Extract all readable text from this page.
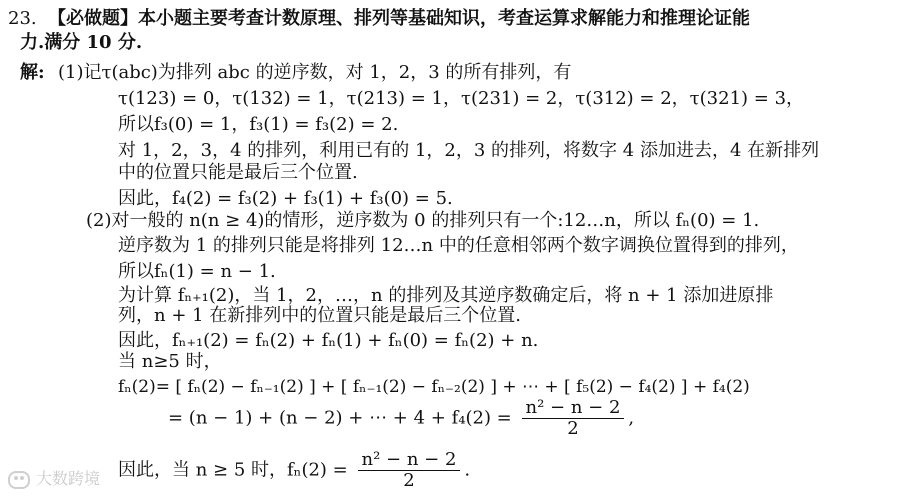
23. 【必做题】本小题主要考查计数原理、排列等基础知识，考查运算求解能力和推理论证能
力.满分 10 分.
解: (1)记τ(abc)为排列 abc 的逆序数，对 1，2，3 的所有排列，有
τ(123) = 0，τ(132) = 1，τ(213) = 1，τ(231) = 2，τ(312) = 2，τ(321) = 3，
所以f₃(0) = 1，f₃(1) = f₃(2) = 2.
对 1，2，3，4 的排列，利用已有的 1，2，3 的排列，将数字 4 添加进去，4 在新排列
中的位置只能是最后三个位置.
因此，f₄(2) = f₃(2) + f₃(1) + f₃(0) = 5.
(2)对一般的 n(n ≥ 4)的情形，逆序数为 0 的排列只有一个:12…n，所以 fₙ(0) = 1.
逆序数为 1 的排列只能是将排列 12…n 中的任意相邻两个数字调换位置得到的排列，
所以fₙ(1) = n − 1.
为计算 fₙ₊₁(2)，当 1，2，…，n 的排列及其逆序数确定后，将 n + 1 添加进原排
列，n + 1 在新排列中的位置只能是最后三个位置.
因此，fₙ₊₁(2) = fₙ(2) + fₙ(1) + fₙ(0) = fₙ(2) + n.
当 n≥5 时，
fₙ(2)= [ fₙ(2) − fₙ₋₁(2) ] + [ fₙ₋₁(2) − fₙ₋₂(2) ] + ⋯ + [ f₅(2) − f₄(2) ] + f₄(2)
= (n − 1) + (n − 2) + ⋯ + $4 + f_4(2) = \frac{\text{n² − n − 2}}{2}$ ,
因此，当 n ≥ 5 时，$f_n(2) = \frac{\text{n² − n − 2}}{2}$ .
大数跨境
